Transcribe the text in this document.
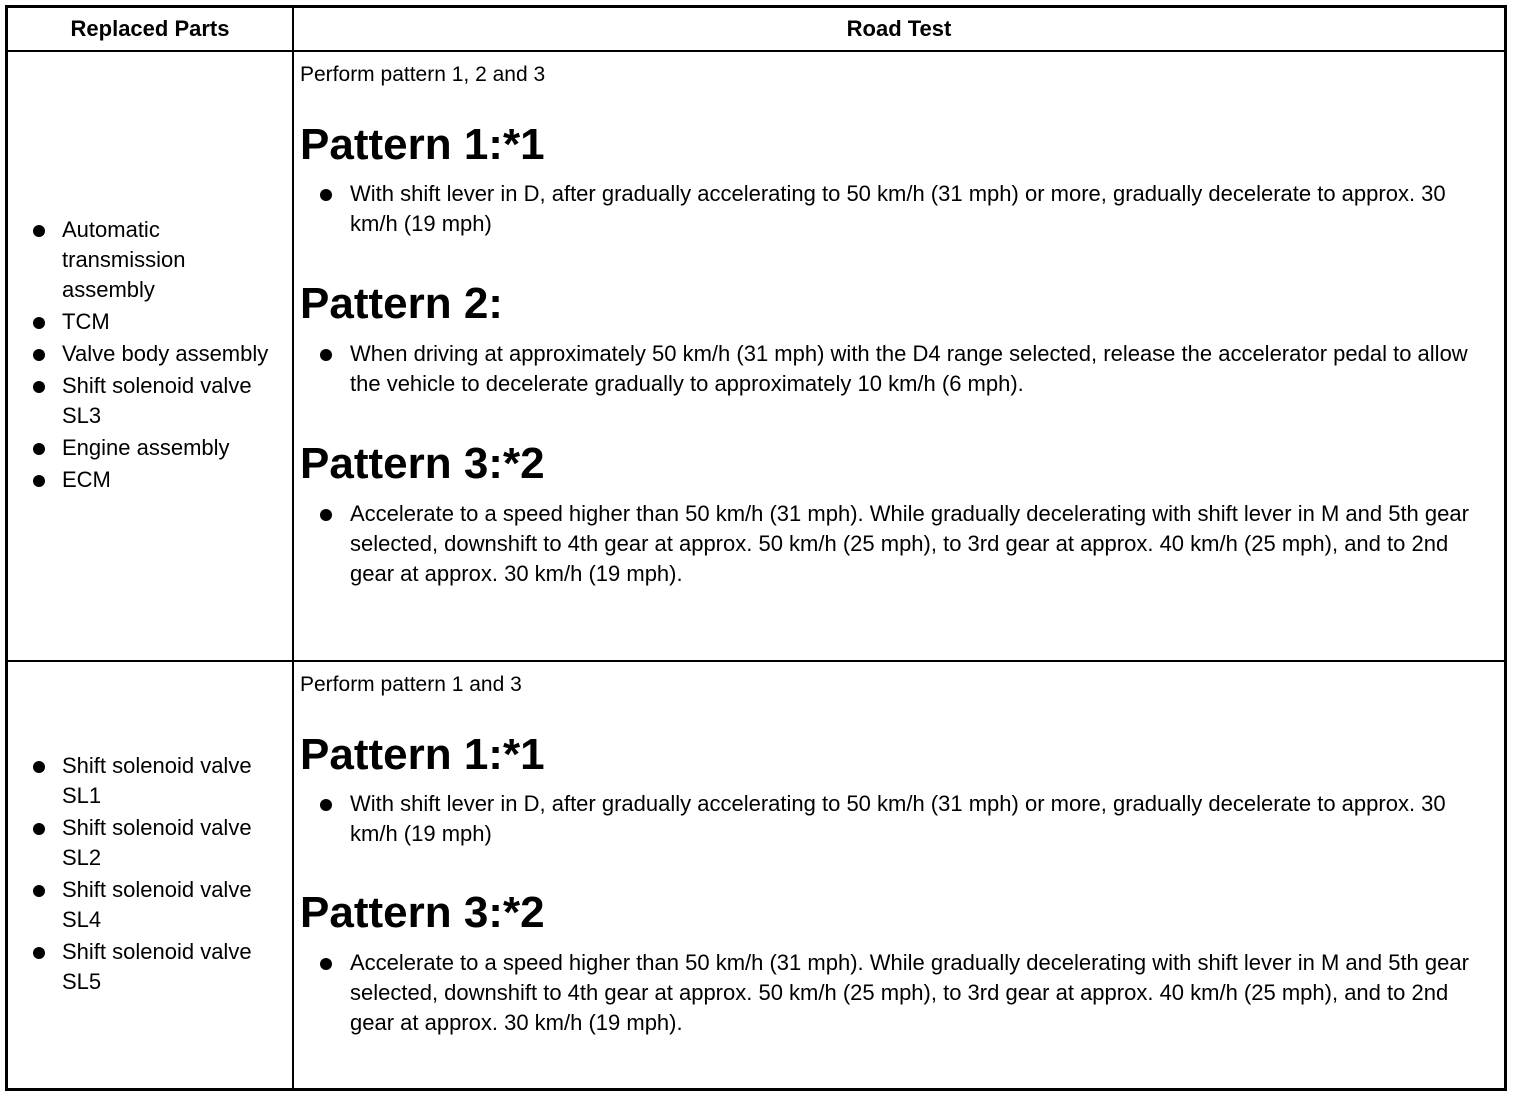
Replaced Parts	Road Test
Automatic transmission assembly
TCM
Valve body assembly
Shift solenoid valve SL3
Engine assembly
ECM
Perform pattern 1, 2 and 3
Pattern 1:*1
With shift lever in D, after gradually accelerating to 50 km/h (31 mph) or more, gradually decelerate to approx. 30 km/h (19 mph)
Pattern 2:
When driving at approximately 50 km/h (31 mph) with the D4 range selected, release the accelerator pedal to allow the vehicle to decelerate gradually to approximately 10 km/h (6 mph).
Pattern 3:*2
Accelerate to a speed higher than 50 km/h (31 mph). While gradually decelerating with shift lever in M and 5th gear selected, downshift to 4th gear at approx. 50 km/h (25 mph), to 3rd gear at approx. 40 km/h (25 mph), and to 2nd gear at approx. 30 km/h (19 mph).
Shift solenoid valve SL1
Shift solenoid valve SL2
Shift solenoid valve SL4
Shift solenoid valve SL5
Perform pattern 1 and 3
Pattern 1:*1
With shift lever in D, after gradually accelerating to 50 km/h (31 mph) or more, gradually decelerate to approx. 30 km/h (19 mph)
Pattern 3:*2
Accelerate to a speed higher than 50 km/h (31 mph). While gradually decelerating with shift lever in M and 5th gear selected, downshift to 4th gear at approx. 50 km/h (25 mph), to 3rd gear at approx. 40 km/h (25 mph), and to 2nd gear at approx. 30 km/h (19 mph).
